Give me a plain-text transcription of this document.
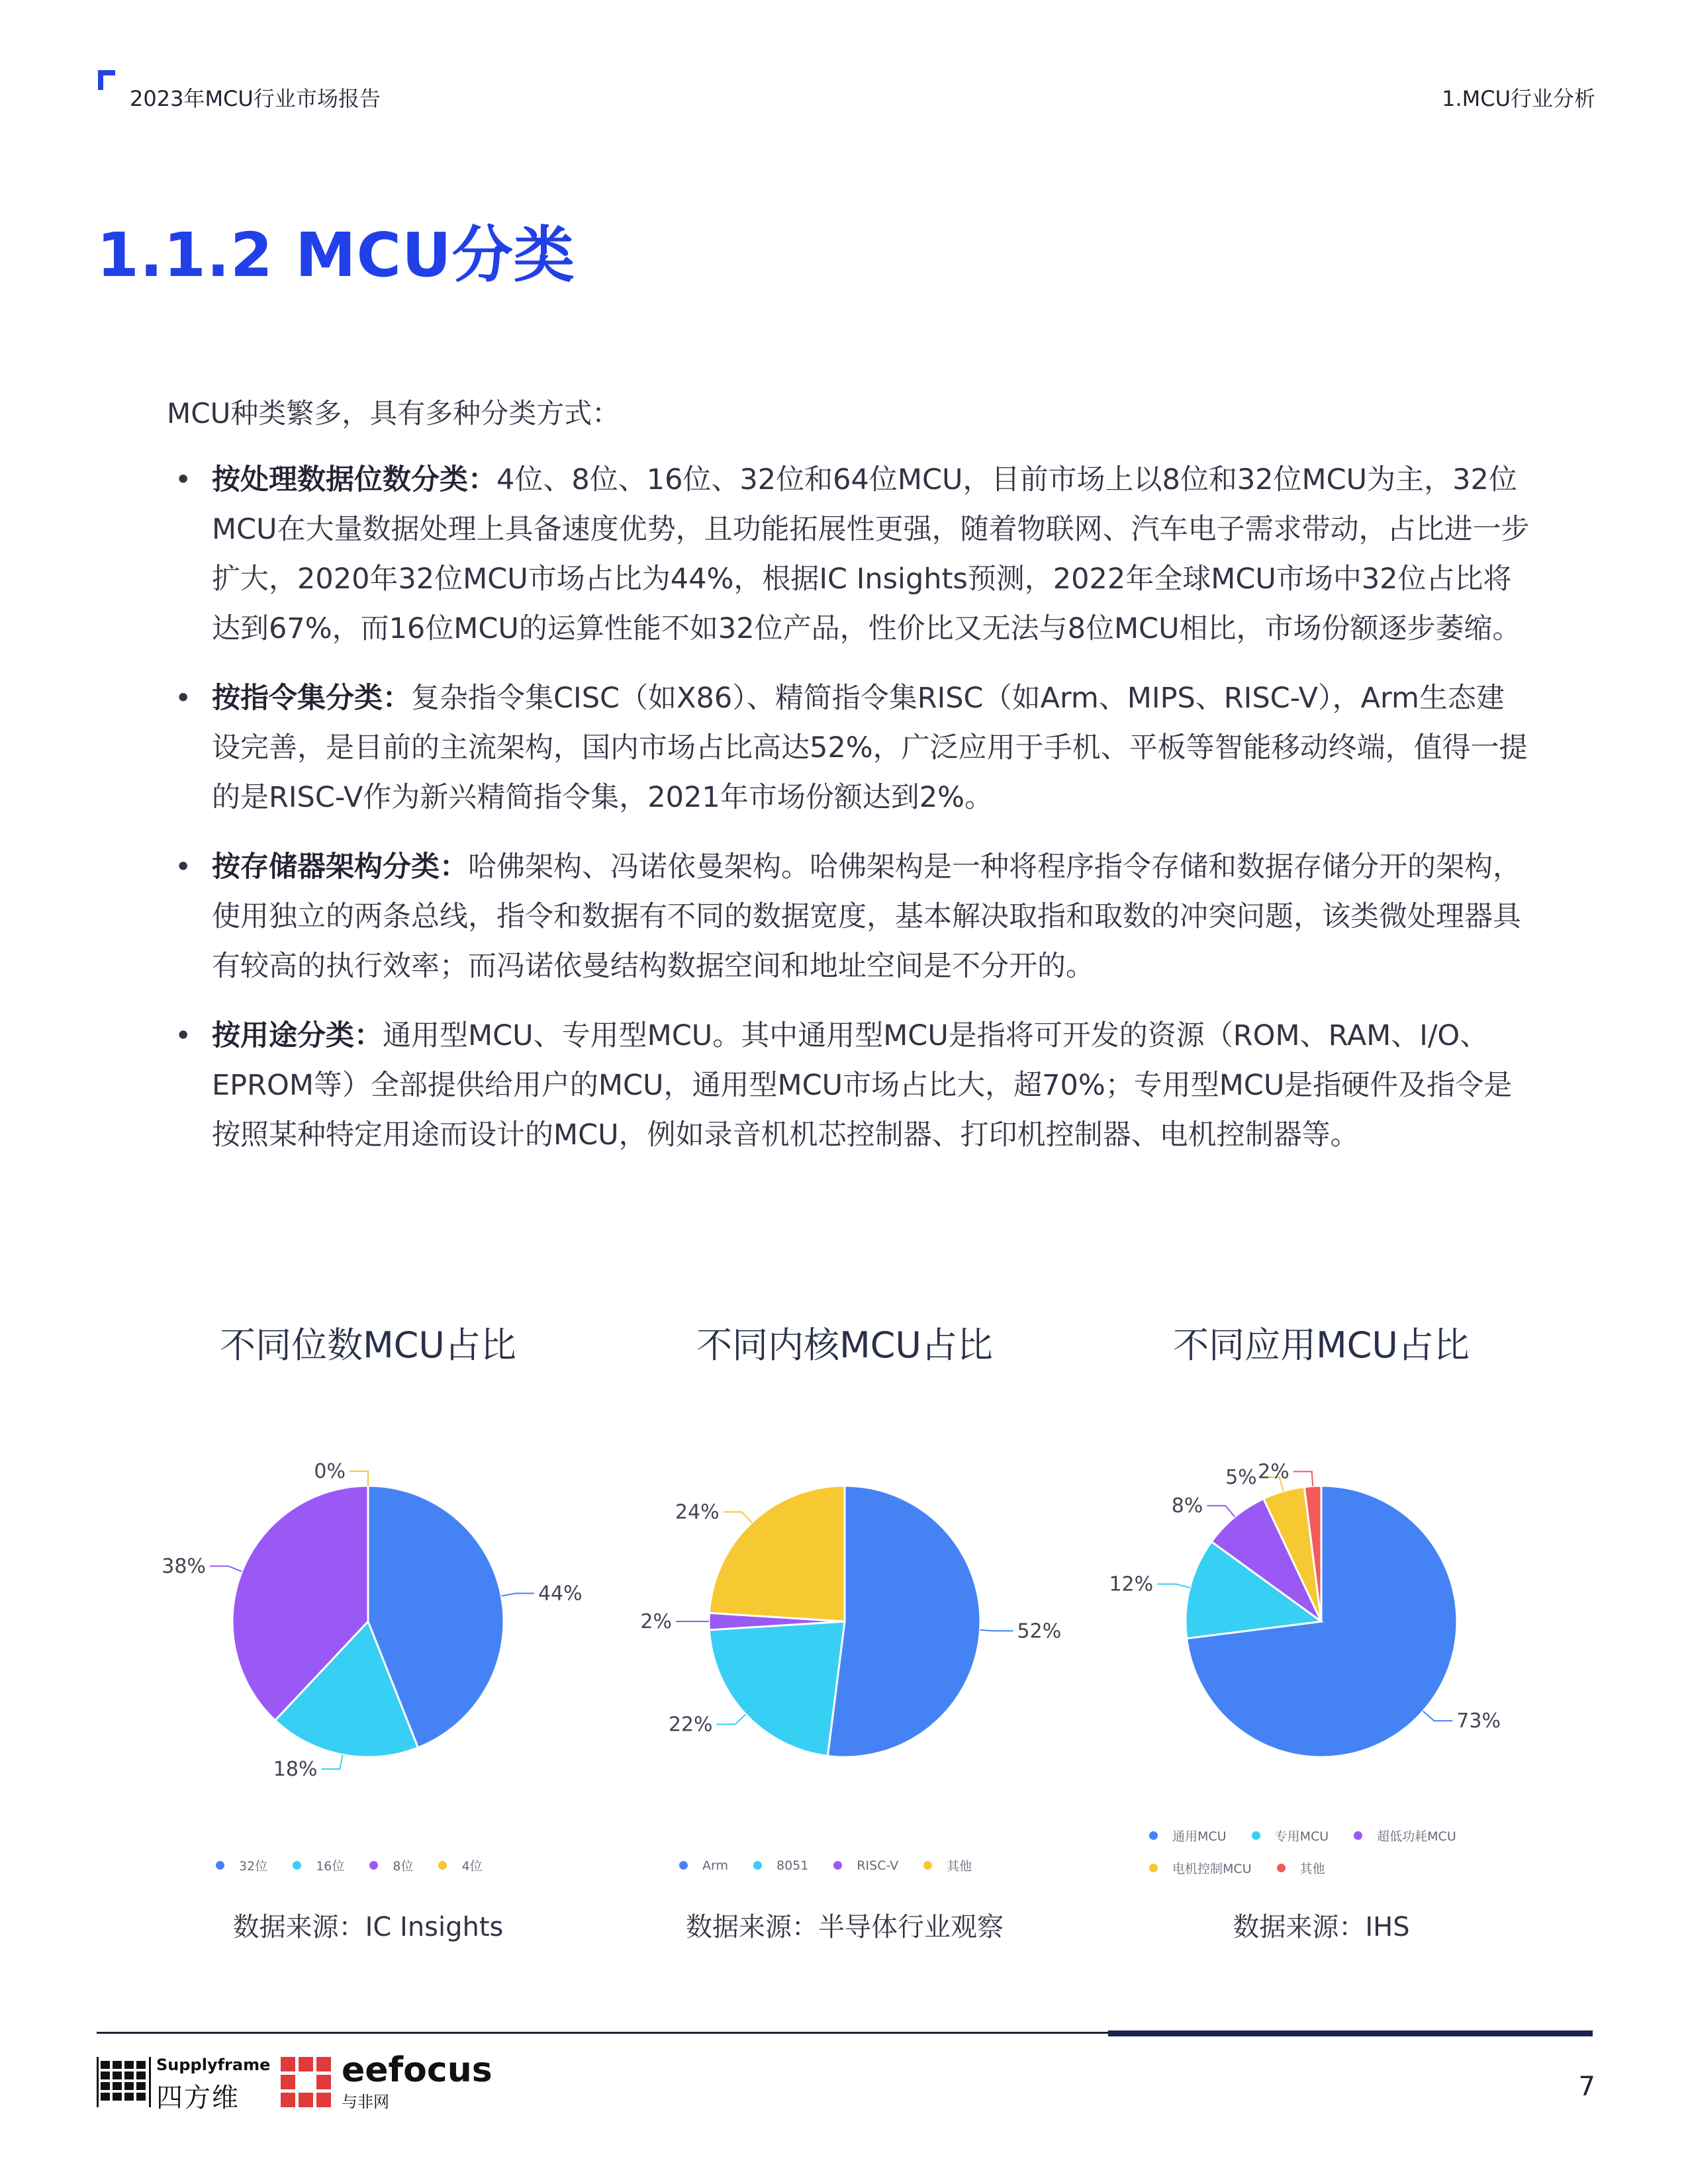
2023年MCU行业市场报告	1.MCU行业分析
1.1.2 MCU分类
MCU种类繁多，具有多种分类方式：
• 按处理数据位数分类：4位、8位、16位、32位和64位MCU，目前市场上以8位和32位MCU为主，32位MCU在大量数据处理上具备速度优势，且功能拓展性更强，随着物联网、汽车电子需求带动，占比进一步扩大，2020年32位MCU市场占比为44%，根据IC Insights预测，2022年全球MCU市场中32位占比将达到67%，而16位MCU的运算性能不如32位产品，性价比又无法与8位MCU相比，市场份额逐步萎缩。
• 按指令集分类：复杂指令集CISC（如X86）、精简指令集RISC（如Arm、MIPS、RISC-V），Arm生态建设完善，是目前的主流架构，国内市场占比高达52%，广泛应用于手机、平板等智能移动终端，值得一提的是RISC-V作为新兴精简指令集，2021年市场份额达到2%。
• 按存储器架构分类：哈佛架构、冯诺依曼架构。哈佛架构是一种将程序指令存储和数据存储分开的架构，使用独立的两条总线，指令和数据有不同的数据宽度，基本解决取指和取数的冲突问题，该类微处理器具有较高的执行效率；而冯诺依曼结构数据空间和地址空间是不分开的。
• 按用途分类：通用型MCU、专用型MCU。其中通用型MCU是指将可开发的资源（ROM、RAM、I/O、EPROM等）全部提供给用户的MCU，通用型MCU市场占比大，超70%；专用型MCU是指硬件及指令是按照某种特定用途而设计的MCU，例如录音机机芯控制器、打印机控制器、电机控制器等。
不同位数MCU占比
44%
18%
38%
0%
32位	16位	8位	4位
数据来源：IC Insights
不同内核MCU占比
52%
22%
2%
24%
Arm	8051	RISC-V	其他
数据来源：半导体行业观察
不同应用MCU占比
73%
12%
8%
5% 2%
通用MCU	专用MCU	超低功耗MCU
电机控制MCU	其他
数据来源：IHS
Supplyframe
四方维
eefocus
与非网	7
